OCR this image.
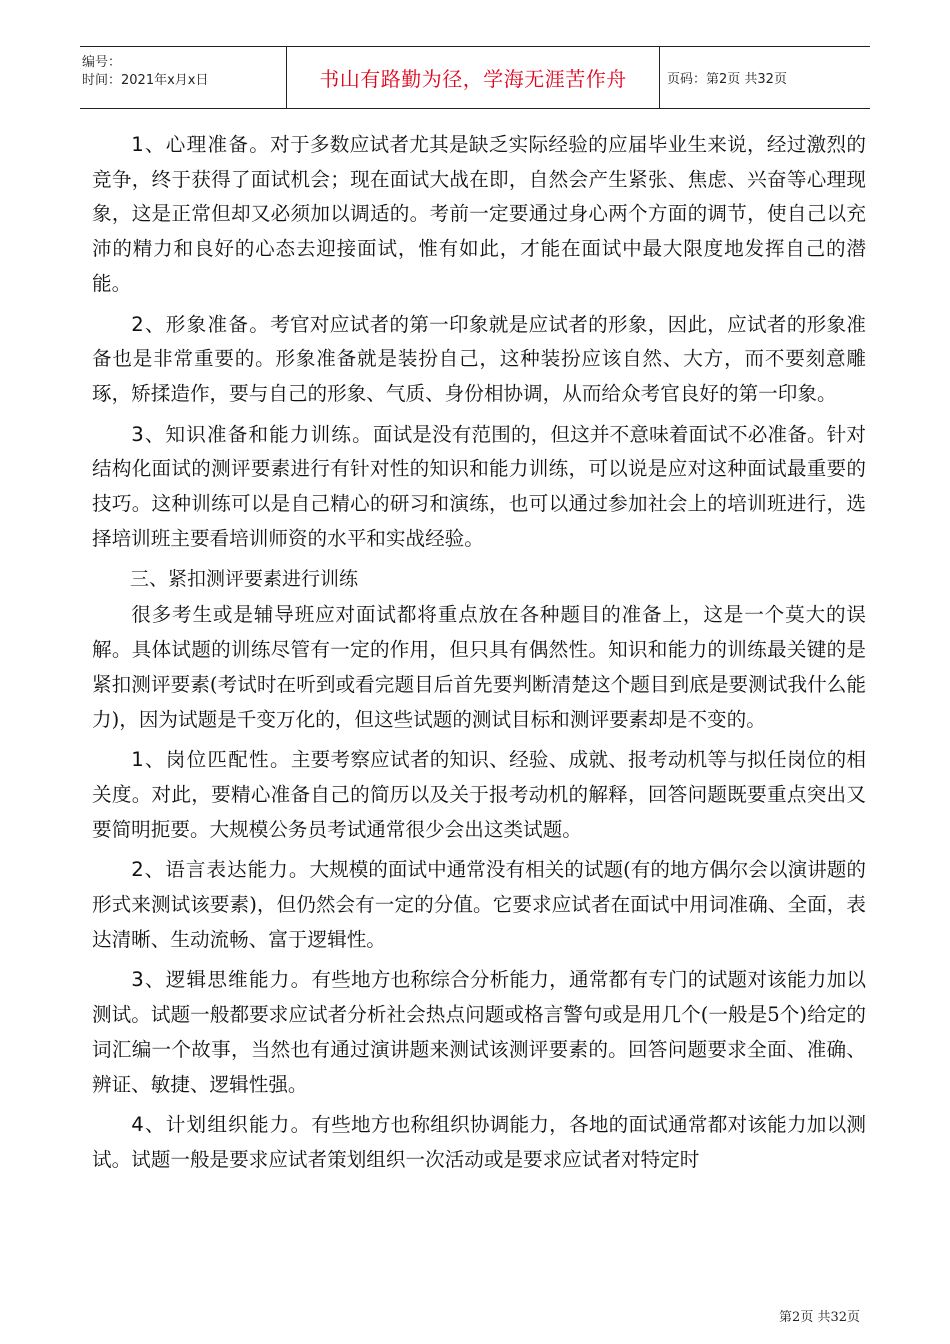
编号：
时间：2021年x月x日	书山有路勤为径，学海无涯苦作舟	页码：第2页 共32页

1、心理准备。对于多数应试者尤其是缺乏实际经验的应届毕业生来说，经过激烈的竞争，终于获得了面试机会；现在面试大战在即，自然会产生紧张、焦虑、兴奋等心理现象，这是正常但却又必须加以调适的。考前一定要通过身心两个方面的调节，使自己以充沛的精力和良好的心态去迎接面试，惟有如此，才能在面试中最大限度地发挥自己的潜能。

2、形象准备。考官对应试者的第一印象就是应试者的形象，因此，应试者的形象准备也是非常重要的。形象准备就是装扮自己，这种装扮应该自然、大方，而不要刻意雕琢，矫揉造作，要与自己的形象、气质、身份相协调，从而给众考官良好的第一印象。

3、知识准备和能力训练。面试是没有范围的，但这并不意味着面试不必准备。针对结构化面试的测评要素进行有针对性的知识和能力训练，可以说是应对这种面试最重要的技巧。这种训练可以是自己精心的研习和演练，也可以通过参加社会上的培训班进行，选择培训班主要看培训师资的水平和实战经验。

三、紧扣测评要素进行训练

很多考生或是辅导班应对面试都将重点放在各种题目的准备上，这是一个莫大的误解。具体试题的训练尽管有一定的作用，但只具有偶然性。知识和能力的训练最关键的是紧扣测评要素(考试时在听到或看完题目后首先要判断清楚这个题目到底是要测试我什么能力)，因为试题是千变万化的，但这些试题的测试目标和测评要素却是不变的。

1、岗位匹配性。主要考察应试者的知识、经验、成就、报考动机等与拟任岗位的相关度。对此，要精心准备自己的简历以及关于报考动机的解释，回答问题既要重点突出又要简明扼要。大规模公务员考试通常很少会出这类试题。

2、语言表达能力。大规模的面试中通常没有相关的试题(有的地方偶尔会以演讲题的形式来测试该要素)，但仍然会有一定的分值。它要求应试者在面试中用词准确、全面，表达清晰、生动流畅、富于逻辑性。

3、逻辑思维能力。有些地方也称综合分析能力，通常都有专门的试题对该能力加以测试。试题一般都要求应试者分析社会热点问题或格言警句或是用几个(一般是5个)给定的词汇编一个故事，当然也有通过演讲题来测试该测评要素的。回答问题要求全面、准确、辨证、敏捷、逻辑性强。

4、计划组织能力。有些地方也称组织协调能力，各地的面试通常都对该能力加以测试。试题一般是要求应试者策划组织一次活动或是要求应试者对特定时

第2页 共32页
